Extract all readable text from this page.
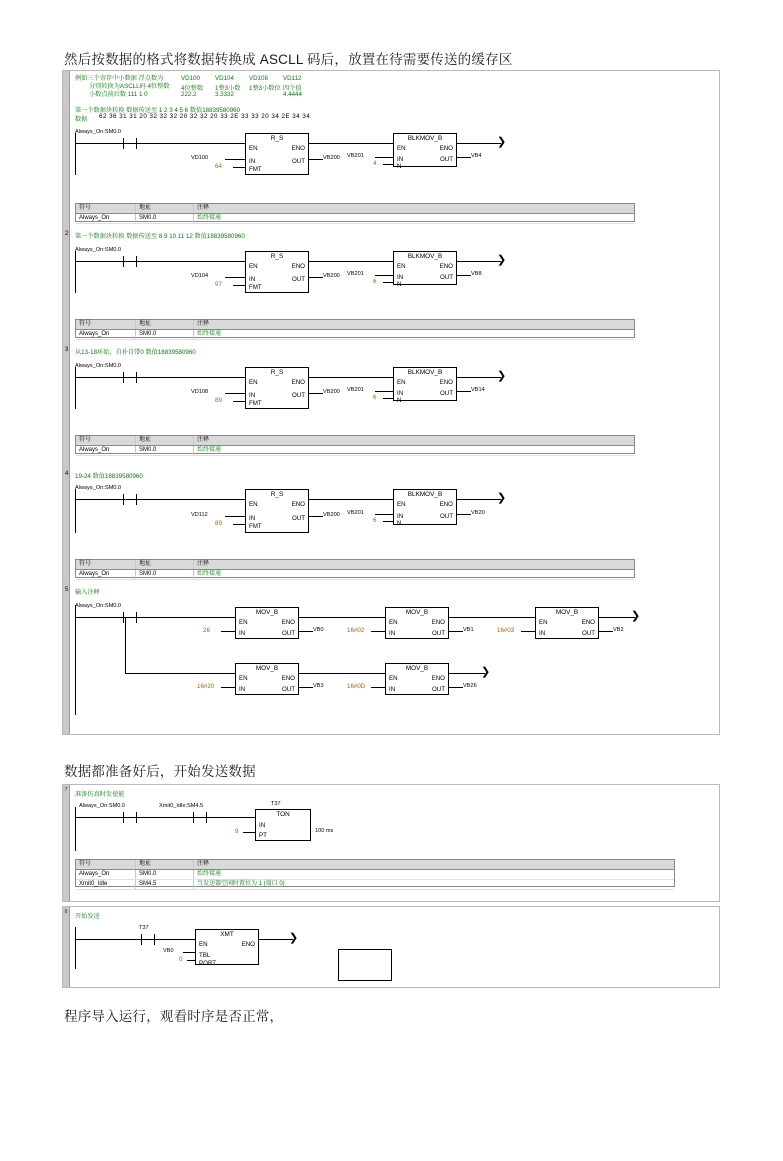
然后按数据的格式将数据转换成 ASCLL 码后，放置在待需要传送的缓存区
例如三个寄存中小数据 浮点数为
分别转换为ASCLL码 4位整数
小数点前后数 111 1 0
VD100 VD104 VD108 VD112
4位整数 1整3小数 1整3小数位 四个值
222.2	3.3332	4.4444
第一个数据块转换 数据传送至 1 2 3 4 5 6 数值18839580960
数据 62 36 31 31 20 32 32 32 20 32 32 20 33 2E 33 33 20 34 2E 34 34
Always_On:SM0.0
R_S
EN	ENO
IN	OUT
FMT
VD100
64
VB200
BLKMOV_B
EN	ENO
IN	OUT
N
VB201
4
VB4
❯
符号	地址	注释
Always_On	SM0.0	始终接通
2 第一个数据块转换 数据传送至 8 9 10 11 12 数值18839580960
Always_On:SM0.0
R_S
EN	ENO
IN	OUT
FMT
VD104
97
VB200
BLKMOV_B
EN	ENO
IN	OUT
N
VB201
6
VB8
❯
符号	地址	注释
Always_On	SM0.0	始终接通
3 从13-18环始，自补自带0 数值18839580960
Always_On:SM0.0
R_S
EN	ENO
IN	OUT
FMT
VD108
89
VB200
BLKMOV_B
EN	ENO
IN	OUT
N
VB201
6
VB14
❯
符号	地址	注释
Always_On	SM0.0	始终接通
4 19-24 数值18839580960
Always_On:SM0.0
R_S
EN	ENO
IN	OUT
FMT
VD112
89
VB200
BLKMOV_B
EN	ENO
IN	OUT
N
VB201
6
VB20
❯
符号	地址	注释
Always_On	SM0.0	始终接通
5 输入注释
Always_On:SM0.0
MOV_B
EN	ENO
IN	OUT
26	VB0
MOV_B
EN	ENO
IN	OUT
16#02	VB1
MOV_B
EN	ENO
IN	OUT
16#03	VB2
❯
MOV_B
EN	ENO
IN	OUT
16#20	VB3
MOV_B
EN	ENO
IN	OUT
16#0D	VB26
❯
数据都准备好后，开始发送数据
7
准备仿真时发使能
Always_On:SM0.0	Xmit0_Idle:SM4.5	T37
TON
IN
PT
9	100 ms
符号	地址	注释
Always_On	SM0.0	始终接通
Xmit0_Idle	SM4.5	当发送器空闲时置位为 1 (端口 0)
8
开始发送
T37
XMT
EN	ENO
TBL
PORT
VB0
0
❯
程序导入运行，观看时序是否正常，
